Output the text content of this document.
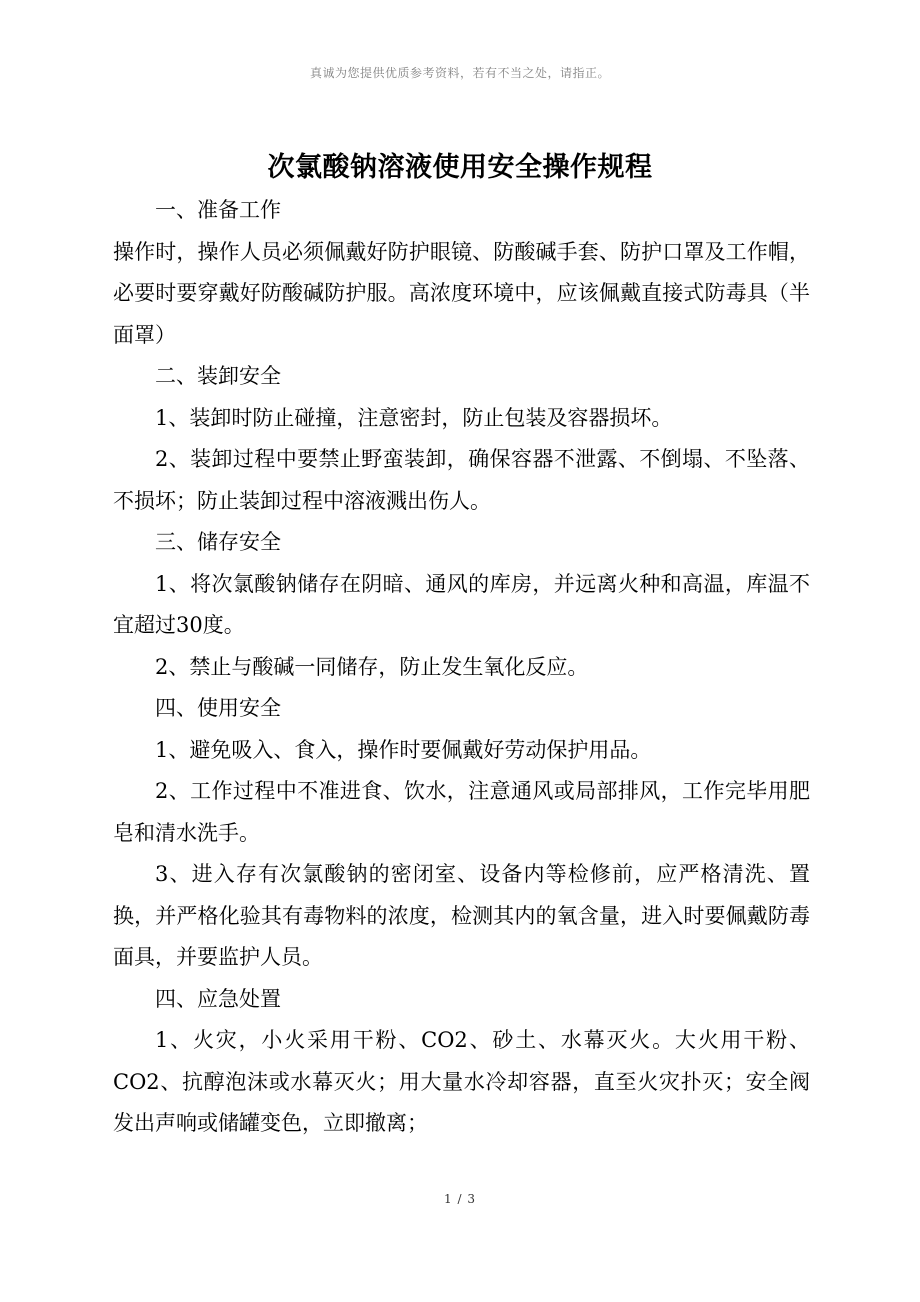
真诚为您提供优质参考资料，若有不当之处，请指正。
次氯酸钠溶液使用安全操作规程

一、准备工作

操作时，操作人员必须佩戴好防护眼镜、防酸碱手套、防护口罩及工作帽，必要时要穿戴好防酸碱防护服。高浓度环境中，应该佩戴直接式防毒具（半面罩）

二、装卸安全

1、装卸时防止碰撞，注意密封，防止包装及容器损坏。

2、装卸过程中要禁止野蛮装卸，确保容器不泄露、不倒塌、不坠落、不损坏；防止装卸过程中溶液溅出伤人。

三、储存安全

1、将次氯酸钠储存在阴暗、通风的库房，并远离火种和高温，库温不宜超过30度。

2、禁止与酸碱一同储存，防止发生氧化反应。

四、使用安全

1、避免吸入、食入，操作时要佩戴好劳动保护用品。

2、工作过程中不准进食、饮水，注意通风或局部排风，工作完毕用肥皂和清水洗手。

3、进入存有次氯酸钠的密闭室、设备内等检修前，应严格清洗、置换，并严格化验其有毒物料的浓度，检测其内的氧含量，进入时要佩戴防毒面具，并要监护人员。

四、应急处置

1、火灾，小火采用干粉、CO2、砂土、水幕灭火。大火用干粉、CO2、抗醇泡沫或水幕灭火；用大量水冷却容器，直至火灾扑灭；安全阀发出声响或储罐变色，立即撤离；

1 / 3
